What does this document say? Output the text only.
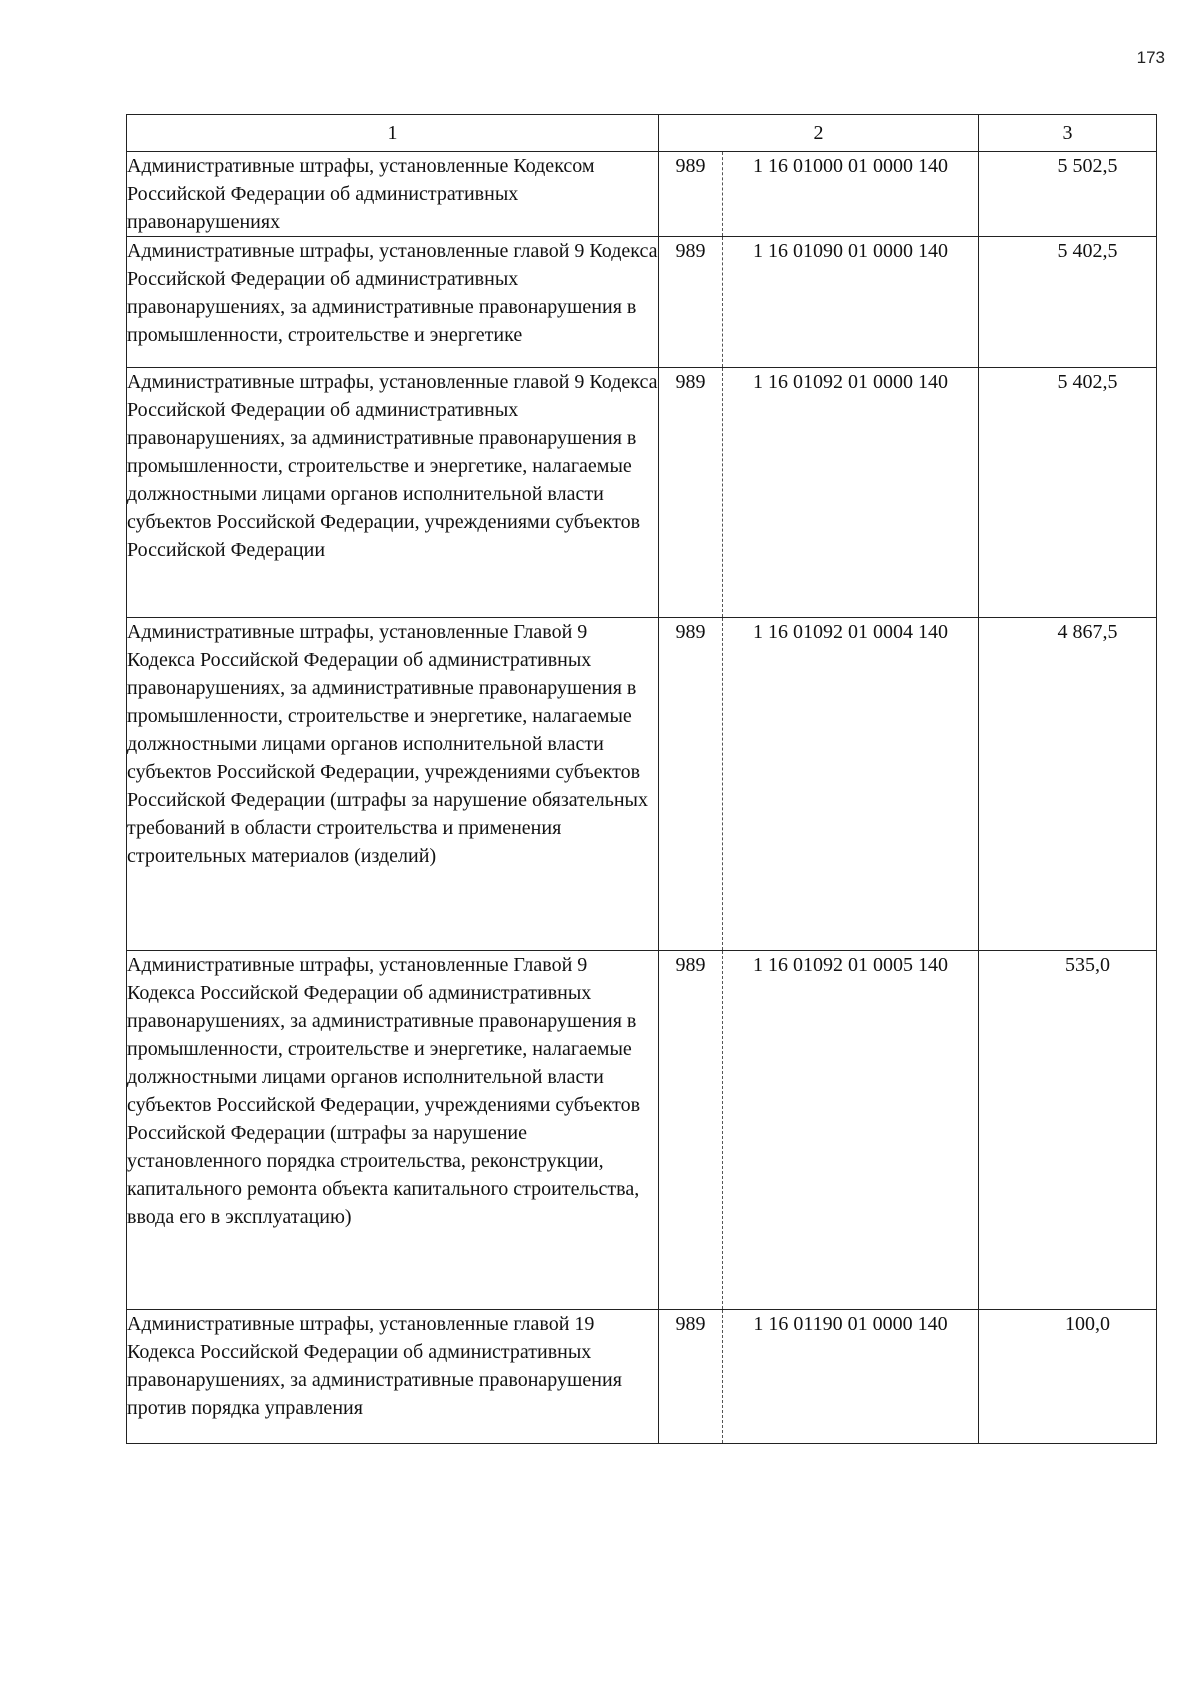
173
1	2		3
Административные штрафы, установленные Кодексом Российской Федерации об административных правонарушениях	989	1 16 01000 01 0000 140	5 502,5
Административные штрафы, установленные главой 9 Кодекса Российской Федерации об административных правонарушениях, за административные правонарушения в промышленности, строительстве и энергетике	989	1 16 01090 01 0000 140	5 402,5
Административные штрафы, установленные главой 9 Кодекса Российской Федерации об административных правонарушениях, за административные правонарушения в промышленности, строительстве и энергетике, налагаемые должностными лицами органов исполнительной власти субъектов Российской Федерации, учреждениями субъектов Российской Федерации	989	1 16 01092 01 0000 140	5 402,5
Административные штрафы, установленные Главой 9 Кодекса Российской Федерации об административных правонарушениях, за административные правонарушения в промышленности, строительстве и энергетике, налагаемые должностными лицами органов исполнительной власти субъектов Российской Федерации, учреждениями субъектов Российской Федерации (штрафы за нарушение обязательных требований в области строительства и применения строительных материалов (изделий)	989	1 16 01092 01 0004 140	4 867,5
Административные штрафы, установленные Главой 9 Кодекса Российской Федерации об административных правонарушениях, за административные правонарушения в промышленности, строительстве и энергетике, налагаемые должностными лицами органов исполнительной власти субъектов Российской Федерации, учреждениями субъектов Российской Федерации (штрафы за нарушение установленного порядка строительства, реконструкции, капитального ремонта объекта капитального строительства, ввода его в эксплуатацию)	989	1 16 01092 01 0005 140	535,0
Административные штрафы, установленные главой 19 Кодекса Российской Федерации об административных правонарушениях, за административные правонарушения против порядка управления	989	1 16 01190 01 0000 140	100,0
